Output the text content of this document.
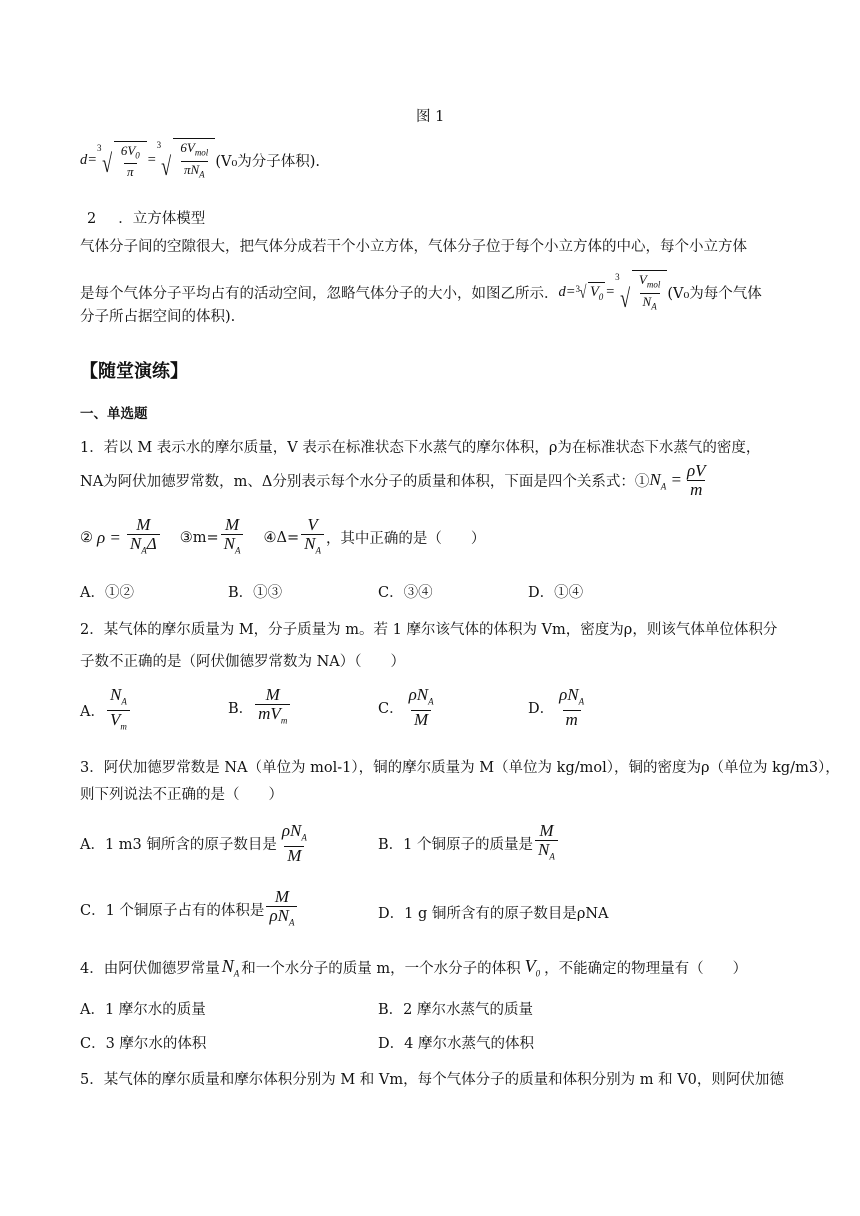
图 1
d=
3
√ $\frac{6V_0}{\pi}$ =
3
√ $\frac{6V_{mol}}{\pi N_A} (V_0$为分子体积).
2 ．立方体模型
气体分子间的空隙很大，把气体分成若干个小立方体，气体分子位于每个小立方体的中心，每个小立方体
是每个气体分子平均占有的活动空间，忽略气体分子的大小，如图乙所示． d= 3 √ $V_0$ =
3
√ $\frac{V_{mol}}{N_A} (V_0$为每个气体
分子所占据空间的体积).
【随堂演练】
一、单选题
1．若以 M 表示水的摩尔质量，V 表示在标准状态下水蒸气的摩尔体积，ρ为在标准状态下水蒸气的密度，
NA为阿伏加德罗常数，m、Δ分别表示每个水分子的质量和体积，下面是四个关系式：① $N_A = \frac{\rho V}{m}$
② $\rho = \frac{M}{N_A\Delta}$ ③m= $\frac{M}{N_A}$ ④Δ= $\frac{V}{N_A}$ ，其中正确的是（　　）
A．①②	B．①③	C．③④	D．①④
2．某气体的摩尔质量为 M，分子质量为 m。若 1 摩尔该气体的体积为 Vm，密度为ρ，则该气体单位体积分
子数不正确的是（阿伏伽德罗常数为 NA）（　　）
A． $\frac{N_A}{V_m}$	B． $\frac{M}{mV_m}$	C． $\frac{\rho N_A}{M}$	D． $\frac{\rho N_A}{m}$
3．阿伏加德罗常数是 NA（单位为 mol-1），铜的摩尔质量为 M（单位为 kg/mol），铜的密度为ρ（单位为 kg/m3），
则下列说法不正确的是（　　）
A．1 m3 铜所含的原子数目是 $\frac{\rho N_A}{M}$	B．1 个铜原子的质量是 $\frac{M}{N_A}$
C．1 个铜原子占有的体积是 $\frac{M}{\rho N_A}$	D．1 g 铜所含有的原子数目是ρNA
4．由阿伏伽德罗常量 $N_A$ 和一个水分子的质量 m，一个水分子的体积 $V_0$ ，不能确定的物理量有（　　）
A．1 摩尔水的质量	B．2 摩尔水蒸气的质量
C．3 摩尔水的体积	D．4 摩尔水蒸气的体积
5．某气体的摩尔质量和摩尔体积分别为 M 和 Vm，每个气体分子的质量和体积分别为 m 和 V0，则阿伏加德
